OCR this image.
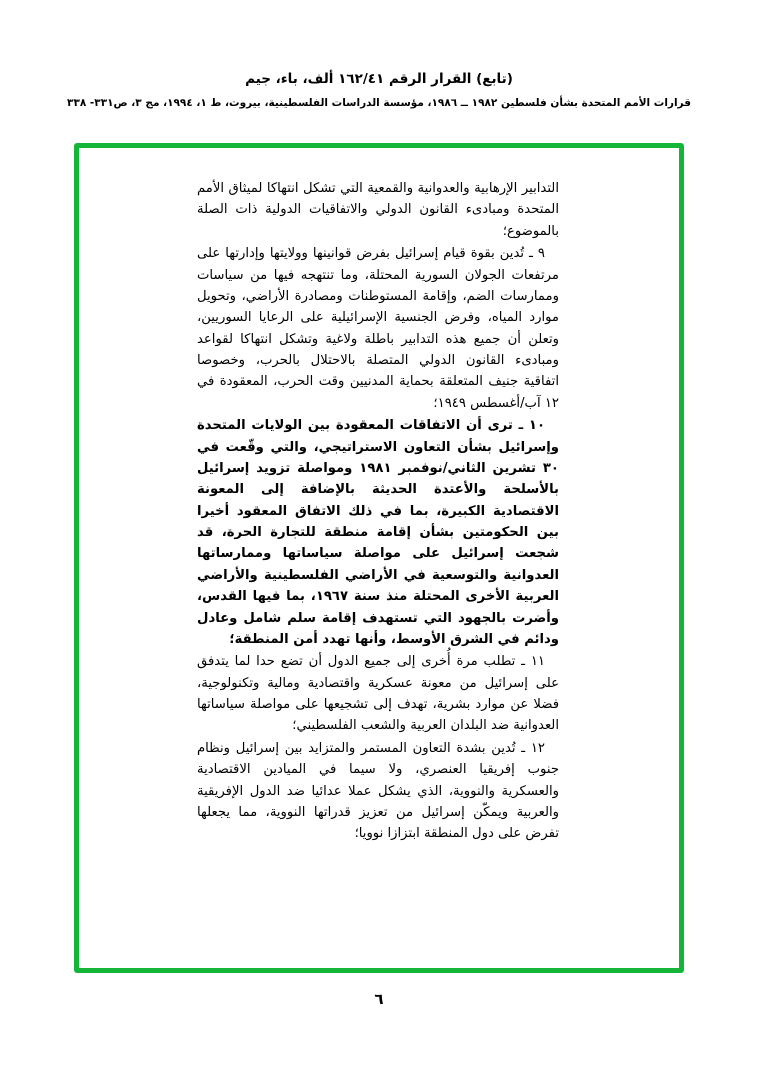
(تابع) القرار الرقم ١٦٢/٤١ ألف، باء، جيم
قرارات الأمم المتحدة بشأن فلسطين ١٩٨٢ ــ ١٩٨٦، مؤسسة الدراسات الفلسطينية، بيروت، ط ١، ١٩٩٤، مج ٣، ص٣٣١- ٣٣٨

التدابير الإرهابية والعدوانية والقمعية التي تشكل انتهاكا لميثاق الأمم المتحدة ومبادىء القانون الدولي والاتفاقيات الدولية ذات الصلة بالموضوع؛

٩ ـ تُدين بقوة قيام إسرائيل بفرض قوانينها وولايتها وإدارتها على مرتفعات الجولان السورية المحتلة، وما تنتهجه فيها من سياسات وممارسات الضم، وإقامة المستوطنات ومصادرة الأراضي، وتحويل موارد المياه، وفرض الجنسية الإسرائيلية على الرعايا السوريين، وتعلن أن جميع هذه التدابير باطلة ولاغية وتشكل انتهاكا لقواعد ومبادىء القانون الدولي المتصلة بالاحتلال بالحرب، وخصوصا اتفاقية جنيف المتعلقة بحماية المدنيين وقت الحرب، المعقودة في ١٢ آب/أغسطس ١٩٤٩؛

١٠ ـ ترى أن الاتفاقات المعقودة بين الولايات المتحدة وإسرائيل بشأن التعاون الاستراتيجي، والتي وقّعت في ٣٠ تشرين الثاني/نوفمبر ١٩٨١ ومواصلة تزويد إسرائيل بالأسلحة والأعتدة الحديثة بالإضافة إلى المعونة الاقتصادية الكبيرة، بما في ذلك الاتفاق المعقود أخيرا بين الحكومتين بشأن إقامة منطقة للتجارة الحرة، قد شجعت إسرائيل على مواصلة سياساتها وممارساتها العدوانية والتوسعية في الأراضي الفلسطينية والأراضي العربية الأخرى المحتلة منذ سنة ١٩٦٧، بما فيها القدس، وأضرت بالجهود التي تستهدف إقامة سلم شامل وعادل ودائم في الشرق الأوسط، وأنها تهدد أمن المنطقة؛

١١ ـ تطلب مرة أُخرى إلى جميع الدول أن تضع حدا لما يتدفق على إسرائيل من معونة عسكرية واقتصادية ومالية وتكنولوجية، فضلا عن موارد بشرية، تهدف إلى تشجيعها على مواصلة سياساتها العدوانية ضد البلدان العربية والشعب الفلسطيني؛

١٢ ـ تُدين بشدة التعاون المستمر والمتزايد بين إسرائيل ونظام جنوب إفريقيا العنصري، ولا سيما في الميادين الاقتصادية والعسكرية والنووية، الذي يشكل عملا عدائيا ضد الدول الإفريقية والعربية ويمكّن إسرائيل من تعزيز قدراتها النووية، مما يجعلها تفرض على دول المنطقة ابتزازا نوويا؛

٦
